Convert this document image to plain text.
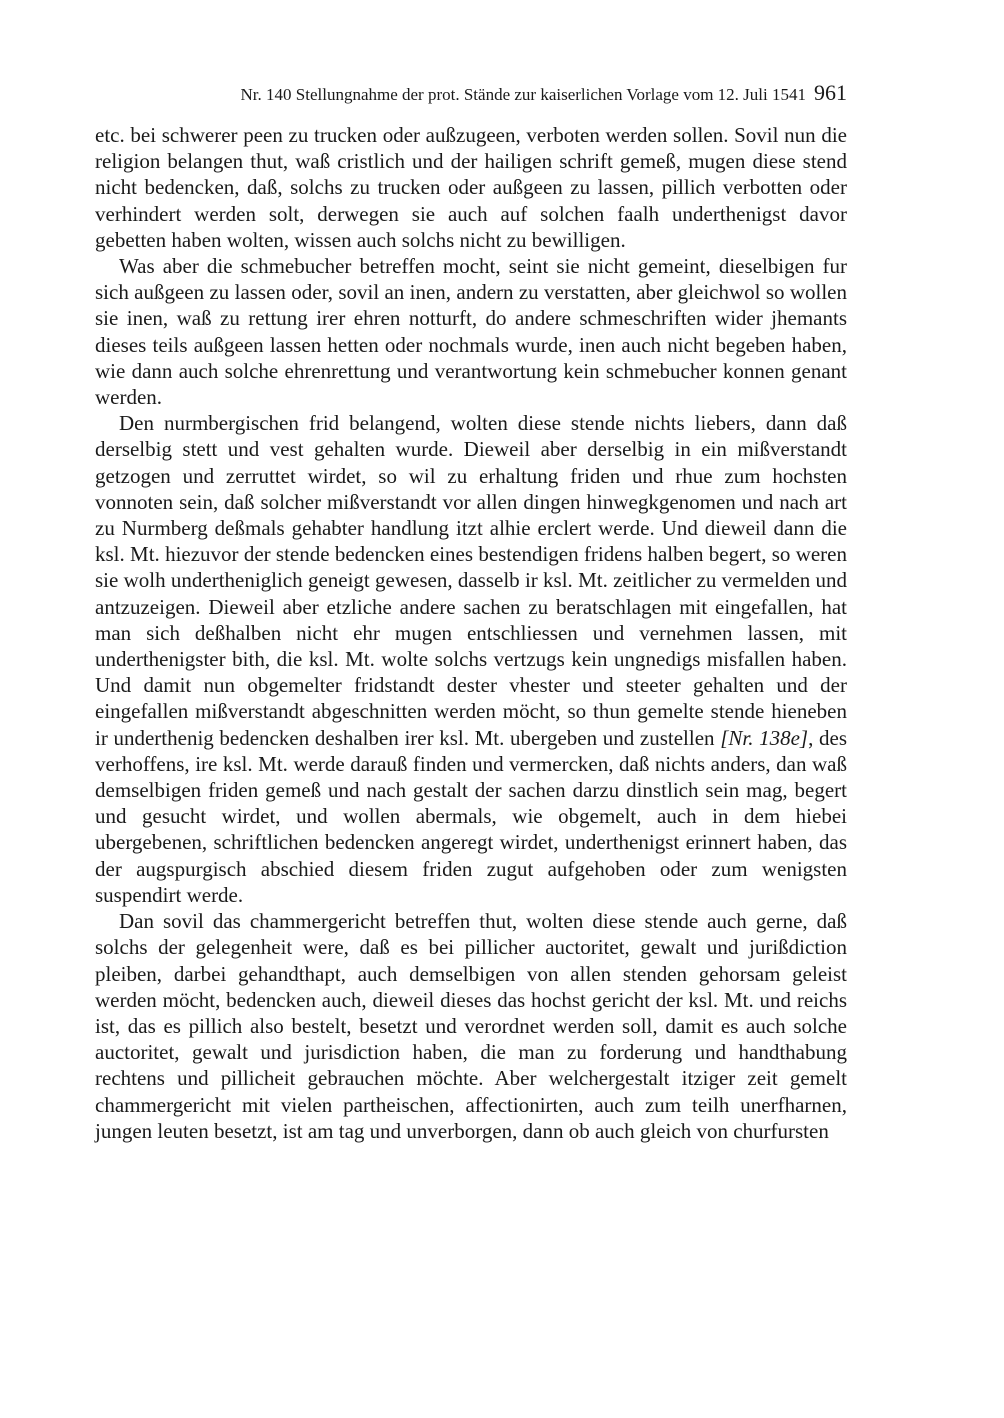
Nr. 140 Stellungnahme der prot. Stände zur kaiserlichen Vorlage vom 12. Juli 1541 961

etc. bei schwerer peen zu trucken oder außzugeen, verboten werden sollen. Sovil nun die religion belangen thut, waß cristlich und der hailigen schrift gemeß, mugen diese stend nicht bedencken, daß, solchs zu trucken oder außgeen zu lassen, pillich verbotten oder verhindert werden solt, derwegen sie auch auf solchen faalh underthenigst davor gebetten haben wolten, wissen auch solchs nicht zu bewilligen.

Was aber die schmebucher betreffen mocht, seint sie nicht gemeint, dieselbigen fur sich außgeen zu lassen oder, sovil an inen, andern zu verstatten, aber gleichwol so wollen sie inen, waß zu rettung irer ehren notturft, do andere schmeschriften wider jhemants dieses teils außgeen lassen hetten oder nochmals wurde, inen auch nicht begeben haben, wie dann auch solche ehrenrettung und verantwortung kein schmebucher konnen genant werden.

Den nurmbergischen frid belangend, wolten diese stende nichts liebers, dann daß derselbig stett und vest gehalten wurde. Dieweil aber derselbig in ein mißverstandt getzogen und zerruttet wirdet, so wil zu erhaltung friden und rhue zum hochsten vonnoten sein, daß solcher mißverstandt vor allen dingen hinwegkgenomen und nach art zu Nurmberg deßmals gehabter handlung itzt alhie erclert werde. Und dieweil dann die ksl. Mt. hiezuvor der stende bedencken eines bestendigen fridens halben begert, so weren sie wolh undertheniglich geneigt gewesen, dasselb ir ksl. Mt. zeitlicher zu vermelden und antzuzeigen. Dieweil aber etzliche andere sachen zu beratschlagen mit eingefallen, hat man sich deßhalben nicht ehr mugen entschliessen und vernehmen lassen, mit underthenigster bith, die ksl. Mt. wolte solchs vertzugs kein ungnedigs misfallen haben. Und damit nun obgemelter fridstandt dester vhester und steeter gehalten und der eingefallen mißverstandt abgeschnitten werden möcht, so thun gemelte stende hieneben ir underthenig bedencken deshalben irer ksl. Mt. ubergeben und zustellen [Nr. 138e], des verhoffens, ire ksl. Mt. werde darauß finden und vermercken, daß nichts anders, dan waß demselbigen friden gemeß und nach gestalt der sachen darzu dinstlich sein mag, begert und gesucht wirdet, und wollen abermals, wie obgemelt, auch in dem hiebei ubergebenen, schriftlichen bedencken angeregt wirdet, underthenigst erinnert haben, das der augspurgisch abschied diesem friden zugut aufgehoben oder zum wenigsten suspendirt werde.

Dan sovil das chammergericht betreffen thut, wolten diese stende auch gerne, daß solchs der gelegenheit were, daß es bei pillicher auctoritet, gewalt und jurißdiction pleiben, darbei gehandthapt, auch demselbigen von allen stenden gehorsam geleist werden möcht, bedencken auch, dieweil dieses das hochst gericht der ksl. Mt. und reichs ist, das es pillich also bestelt, besetzt und verordnet werden soll, damit es auch solche auctoritet, gewalt und jurisdiction haben, die man zu forderung und handthabung rechtens und pillicheit gebrauchen möchte. Aber welchergestalt itziger zeit gemelt chammergericht mit vielen partheischen, affectionirten, auch zum teilh unerfharnen, jungen leuten besetzt, ist am tag und unverborgen, dann ob auch gleich von churfursten
